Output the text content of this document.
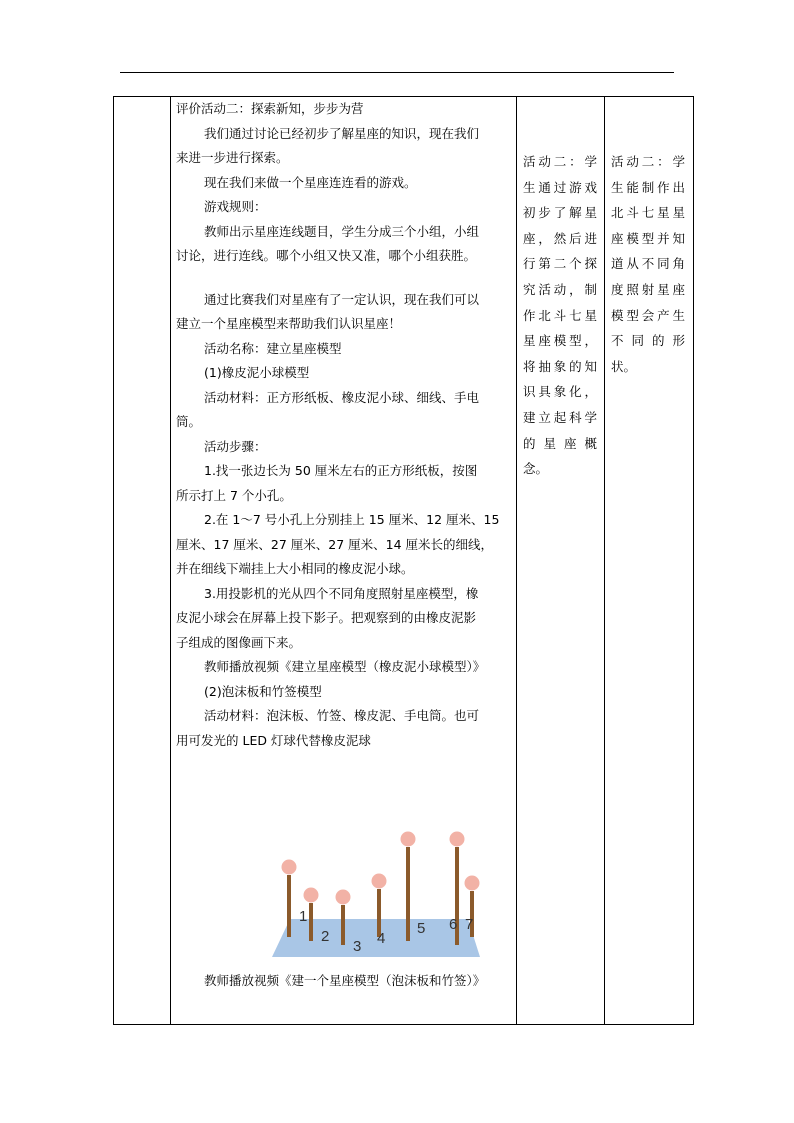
评价活动二：探索新知，步步为营

我们通过讨论已经初步了解星座的知识，现在我们

来进一步进行探索。

现在我们来做一个星座连连看的游戏。

游戏规则：

教师出示星座连线题目，学生分成三个小组，小组

讨论，进行连线。哪个小组又快又准，哪个小组获胜。

通过比赛我们对星座有了一定认识，现在我们可以

建立一个星座模型来帮助我们认识星座！

活动名称：建立星座模型

(1)橡皮泥小球模型

活动材料：正方形纸板、橡皮泥小球、细线、手电

筒。

活动步骤：

1.找一张边长为 50 厘米左右的正方形纸板，按图

所示打上 7 个小孔。

2.在 1～7 号小孔上分别挂上 15 厘米、12 厘米、15

厘米、17 厘米、27 厘米、27 厘米、14 厘米长的细线，

并在细线下端挂上大小相同的橡皮泥小球。

3.用投影机的光从四个不同角度照射星座模型，橡

皮泥小球会在屏幕上投下影子。把观察到的由橡皮泥影

子组成的图像画下来。

教师播放视频《建立星座模型（橡皮泥小球模型）》

(2)泡沫板和竹签模型

活动材料：泡沫板、竹签、橡皮泥、手电筒。也可

用可发光的 LED 灯球代替橡皮泥球

1
2
3 4
5 6 7

教师播放视频《建一个星座模型（泡沫板和竹签）》

活动二：学
生通过游戏
初步了解星
座，然后进
行第二个探
究活动，制
作北斗七星
星座模型，
将抽象的知
识具象化，
建立起科学
的星座概
念。
活动二：学
生能制作出
北斗七星星
座模型并知
道从不同角
度照射星座
模型会产生
不同的形
状。
